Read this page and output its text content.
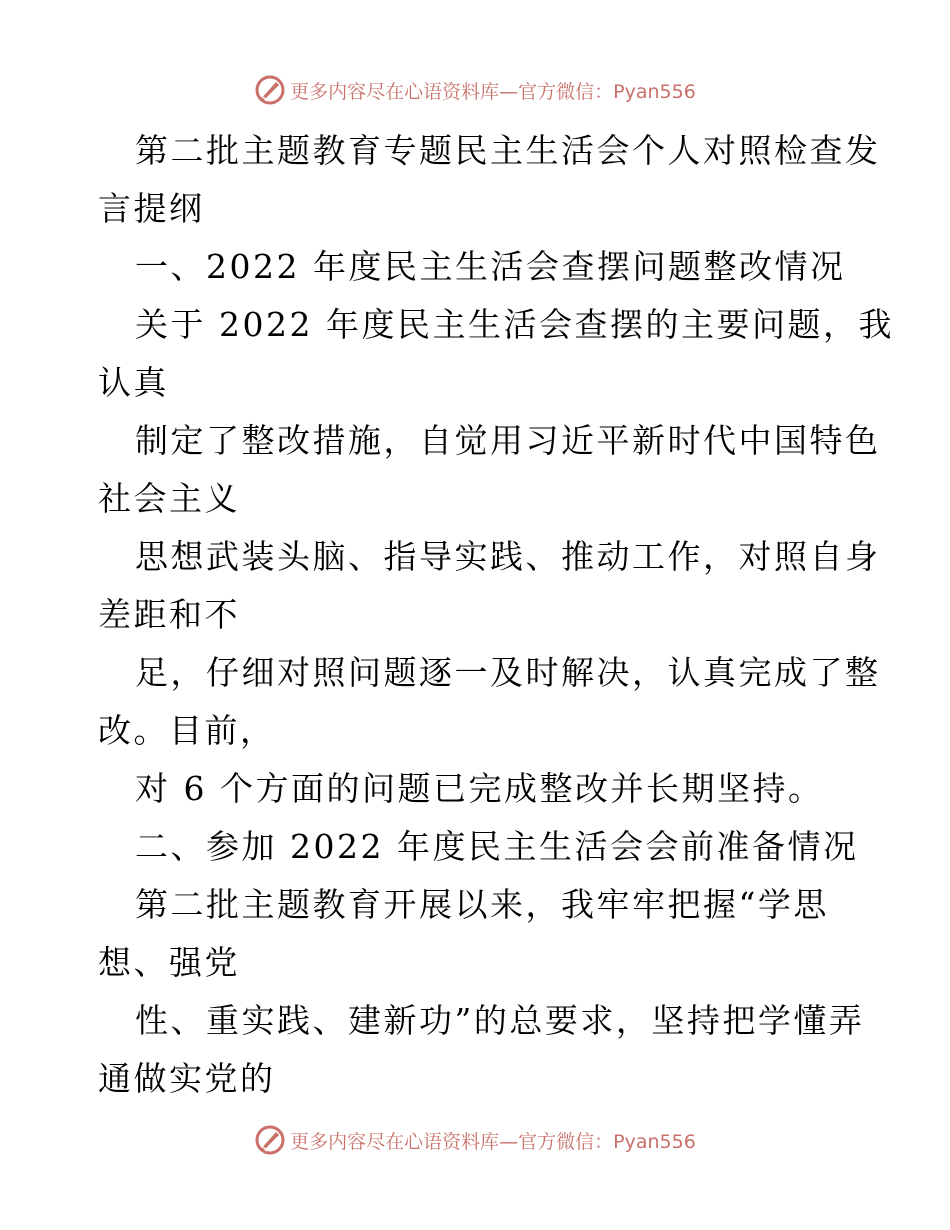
更多内容尽在心语资料库—官方微信：Pyan556
第二批主题教育专题民主生活会个人对照检查发
言提纲
一、2022 年度民主生活会查摆问题整改情况
关于 2022 年度民主生活会查摆的主要问题，我
认真
制定了整改措施，自觉用习近平新时代中国特色
社会主义
思想武装头脑、指导实践、推动工作，对照自身
差距和不
足，仔细对照问题逐一及时解决，认真完成了整
改。目前，
对 6 个方面的问题已完成整改并长期坚持。
二、参加 2022 年度民主生活会会前准备情况
第二批主题教育开展以来，我牢牢把握“学思
想、强党
性、重实践、建新功”的总要求，坚持把学懂弄
通做实党的
更多内容尽在心语资料库—官方微信：Pyan556
